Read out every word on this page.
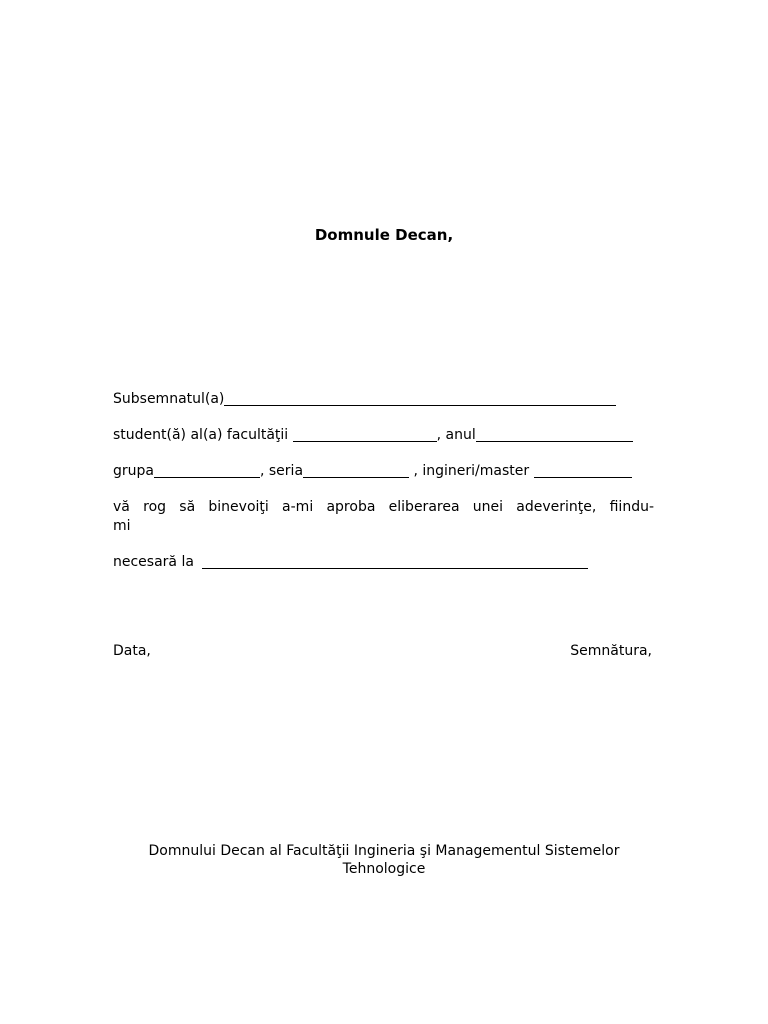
Domnule Decan,
Subsemnatul(a)
student(ă) al(a) facultăţii	, anul
grupa	, seria	, ingineri/master
vă rog să binevoiţi a-mi aproba eliberarea unei adeverinţe, fiindu-
mi
necesară la
Data,	Semnătura,
Domnului Decan al Facultăţii Ingineria şi Managementul Sistemelor
Tehnologice
